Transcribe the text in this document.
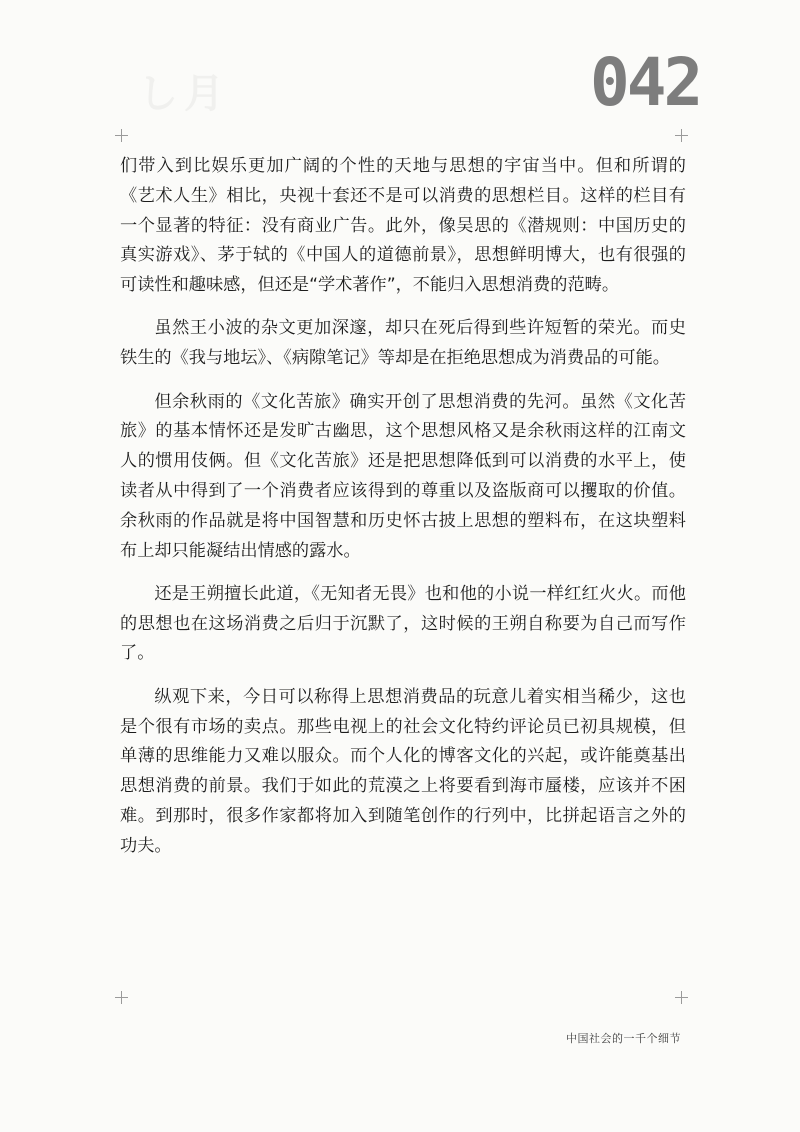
し月	042

们带入到比娱乐更加广阔的个性的天地与思想的宇宙当中。但和所谓的《艺术人生》相比，央视十套还不是可以消费的思想栏目。这样的栏目有一个显著的特征：没有商业广告。此外，像吴思的《潜规则：中国历史的真实游戏》、茅于轼的《中国人的道德前景》，思想鲜明博大，也有很强的可读性和趣味感，但还是“学术著作”，不能归入思想消费的范畴。

虽然王小波的杂文更加深邃，却只在死后得到些许短暂的荣光。而史铁生的《我与地坛》、《病隙笔记》等却是在拒绝思想成为消费品的可能。

但余秋雨的《文化苦旅》确实开创了思想消费的先河。虽然《文化苦旅》的基本情怀还是发旷古幽思，这个思想风格又是余秋雨这样的江南文人的惯用伎俩。但《文化苦旅》还是把思想降低到可以消费的水平上，使读者从中得到了一个消费者应该得到的尊重以及盗版商可以攫取的价值。余秋雨的作品就是将中国智慧和历史怀古披上思想的塑料布，在这块塑料布上却只能凝结出情感的露水。

还是王朔擅长此道，《无知者无畏》也和他的小说一样红红火火。而他的思想也在这场消费之后归于沉默了，这时候的王朔自称要为自己而写作了。

纵观下来，今日可以称得上思想消费品的玩意儿着实相当稀少，这也是个很有市场的卖点。那些电视上的社会文化特约评论员已初具规模，但单薄的思维能力又难以服众。而个人化的博客文化的兴起，或许能奠基出思想消费的前景。我们于如此的荒漠之上将要看到海市蜃楼，应该并不困难。到那时，很多作家都将加入到随笔创作的行列中，比拼起语言之外的功夫。

中国社会的一千个细节
